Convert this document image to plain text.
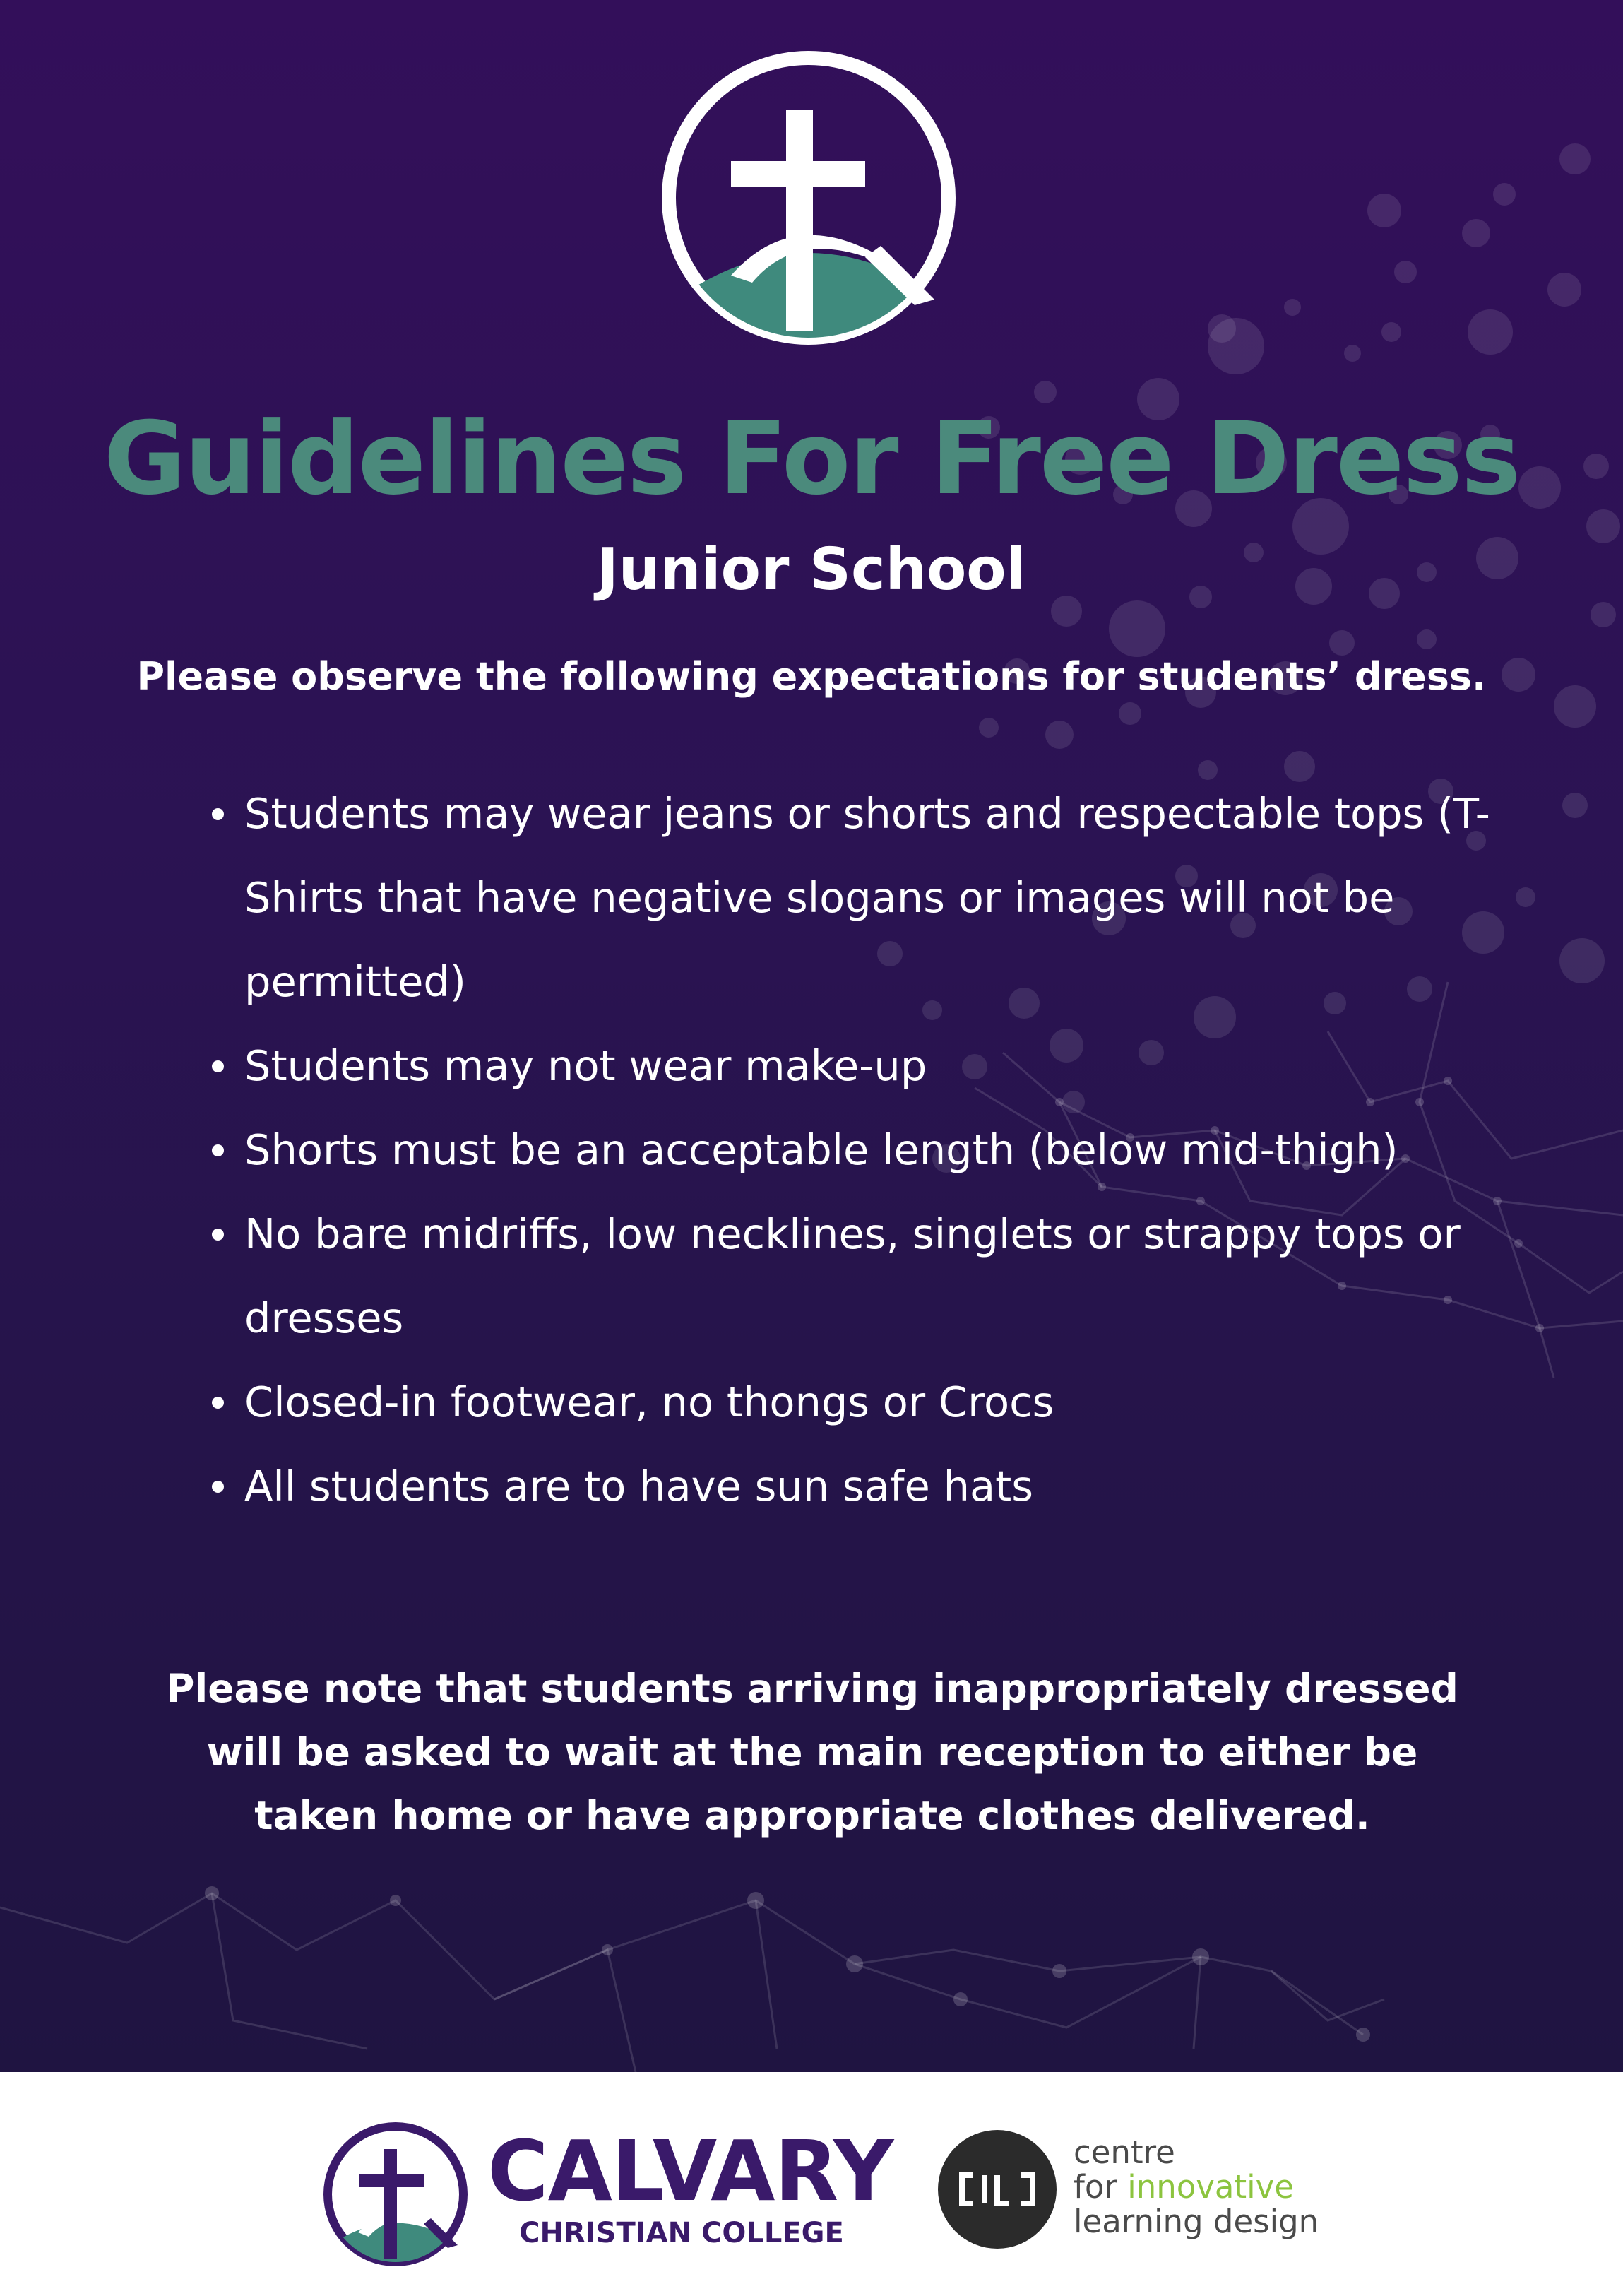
Guidelines For Free Dress
Junior School
Please observe the following expectations for students’ dress.
Students may wear jeans or shorts and respectable tops (T-Shirts that have negative slogans or images will not be permitted)
Students may not wear make-up
Shorts must be an acceptable length (below mid-thigh)
No bare midriffs, low necklines, singlets or strappy tops or dresses
Closed-in footwear, no thongs or Crocs
All students are to have sun safe hats
Please note that students arriving inappropriately dressed will be asked to wait at the main reception to either be taken home or have appropriate clothes delivered.
CALVARY
CHRISTIAN COLLEGE
centre
for innovative
learning design
